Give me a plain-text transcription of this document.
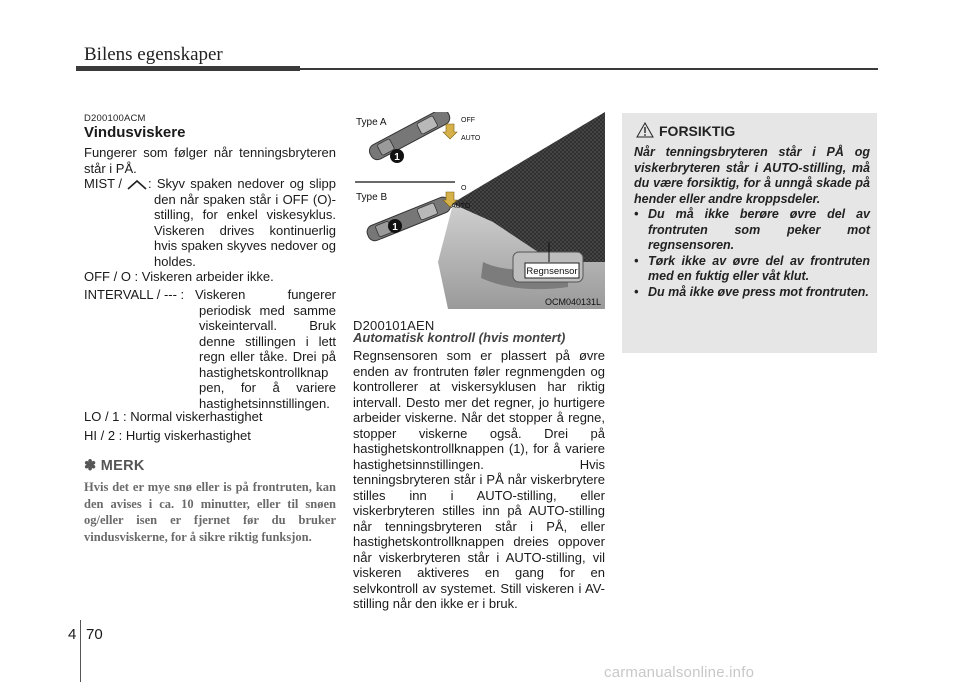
Bilens egenskaper
D200100ACM
Vindusviskere
Fungerer som følger når tenningsbryteren står i PÅ.
MIST /	: Skyv spaken nedover og slipp den når spaken står i OFF (O)-stilling, for enkel viskesyklus. Viskeren drives kontinuerlig hvis spaken skyves nedover og holdes.
OFF / O : Viskeren arbeider ikke.
INTERVALL / --- : Viskeren fungerer periodisk med samme viskeintervall. Bruk denne stillingen i lett regn eller tåke. Drei på hastighetskontrollknap pen, for å variere hastighetsinnstillingen.
LO / 1 : Normal viskerhastighet
HI / 2 : Hurtig viskerhastighet
✽ MERK
Hvis det er mye snø eller is på frontruten, kan den avises i ca. 10 minutter, eller til snøen og/eller isen er fjernet før du bruker vindusviskerne, for å sikre riktig funksjon.
Regnsensor
Type A
1
OFF
AUTO
Type B
1
O
AUTO
OCM040131L
D200101AEN
Automatisk kontroll (hvis montert)
Regnsensoren som er plassert på øvre enden av frontruten føler regnmengden og kontrollerer at viskersyklusen har riktig intervall. Desto mer det regner, jo hurtigere arbeider viskerne. Når det stopper å regne, stopper viskerne også. Drei på hastighetskontrollknappen (1), for å variere hastighetsinnstillingen. Hvis tenningsbryteren står i PÅ når viskerbrytere stilles inn i AUTO-stilling, eller viskerbryteren stilles inn på AUTO-stilling når tenningsbryteren står i PÅ, eller hastighetskontrollknappen dreies oppover når viskerbryteren står i AUTO-stilling, vil viskeren aktiveres en gang for en selvkontroll av systemet. Still viskeren i AV-stilling når den ikke er i bruk.
FORSIKTIG
Når tenningsbryteren står i PÅ og viskerbryteren står i AUTO-stilling, må du være forsiktig, for å unngå skade på hender eller andre kroppsdeler.
• Du må ikke berøre øvre del av frontruten som peker mot regnsensoren.
• Tørk ikke av øvre del av frontruten med en fuktig eller våt klut.
• Du må ikke øve press mot frontruten.
4 70
carmanualsonline.info
